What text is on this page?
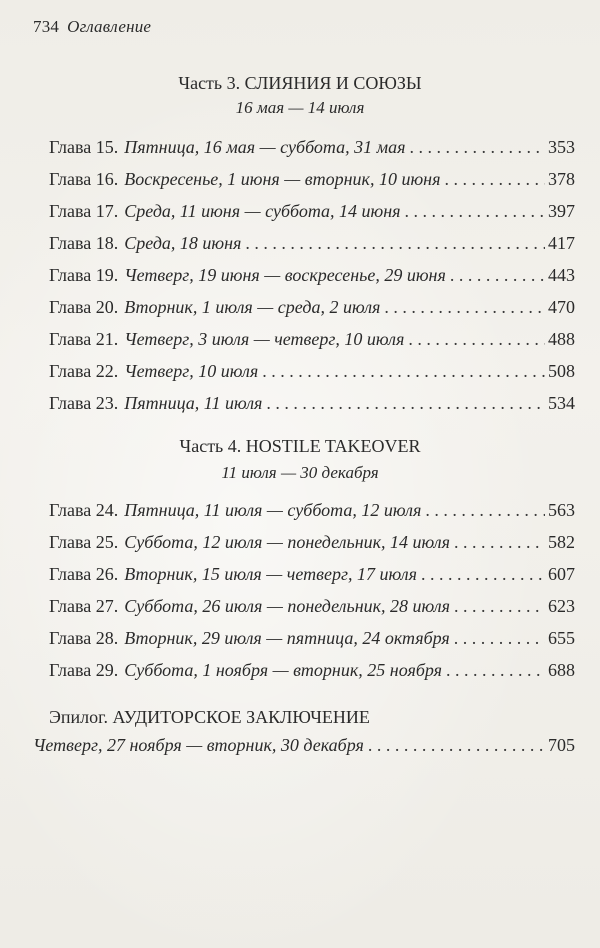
734 Оглавление
Часть 3. СЛИЯНИЯ И СОЮЗЫ
16 мая — 14 июля
Глава 15. Пятница, 16 мая — суббота, 31 мая . . .	353
Глава 16. Воскресенье, 1 июня — вторник, 10 июня . . .	378
Глава 17. Среда, 11 июня — суббота, 14 июня . . .	397
Глава 18. Среда, 18 июня . . .	417
Глава 19. Четверг, 19 июня — воскресенье, 29 июня . . .	443
Глава 20. Вторник, 1 июля — среда, 2 июля . . .	470
Глава 21. Четверг, 3 июля — четверг, 10 июля . . .	488
Глава 22. Четверг, 10 июля . . .	508
Глава 23. Пятница, 11 июля . . .	534
Часть 4. HOSTILE TAKEOVER
11 июля — 30 декабря
Глава 24. Пятница, 11 июля — суббота, 12 июля . . .	563
Глава 25. Суббота, 12 июля — понедельник, 14 июля . . .	582
Глава 26. Вторник, 15 июля — четверг, 17 июля . . .	607
Глава 27. Суббота, 26 июля — понедельник, 28 июля . . .	623
Глава 28. Вторник, 29 июля — пятница, 24 октября . . .	655
Глава 29. Суббота, 1 ноября — вторник, 25 ноября . . .	688
Эпилог. АУДИТОРСКОЕ ЗАКЛЮЧЕНИЕ
Четверг, 27 ноября — вторник, 30 декабря . . .	705
